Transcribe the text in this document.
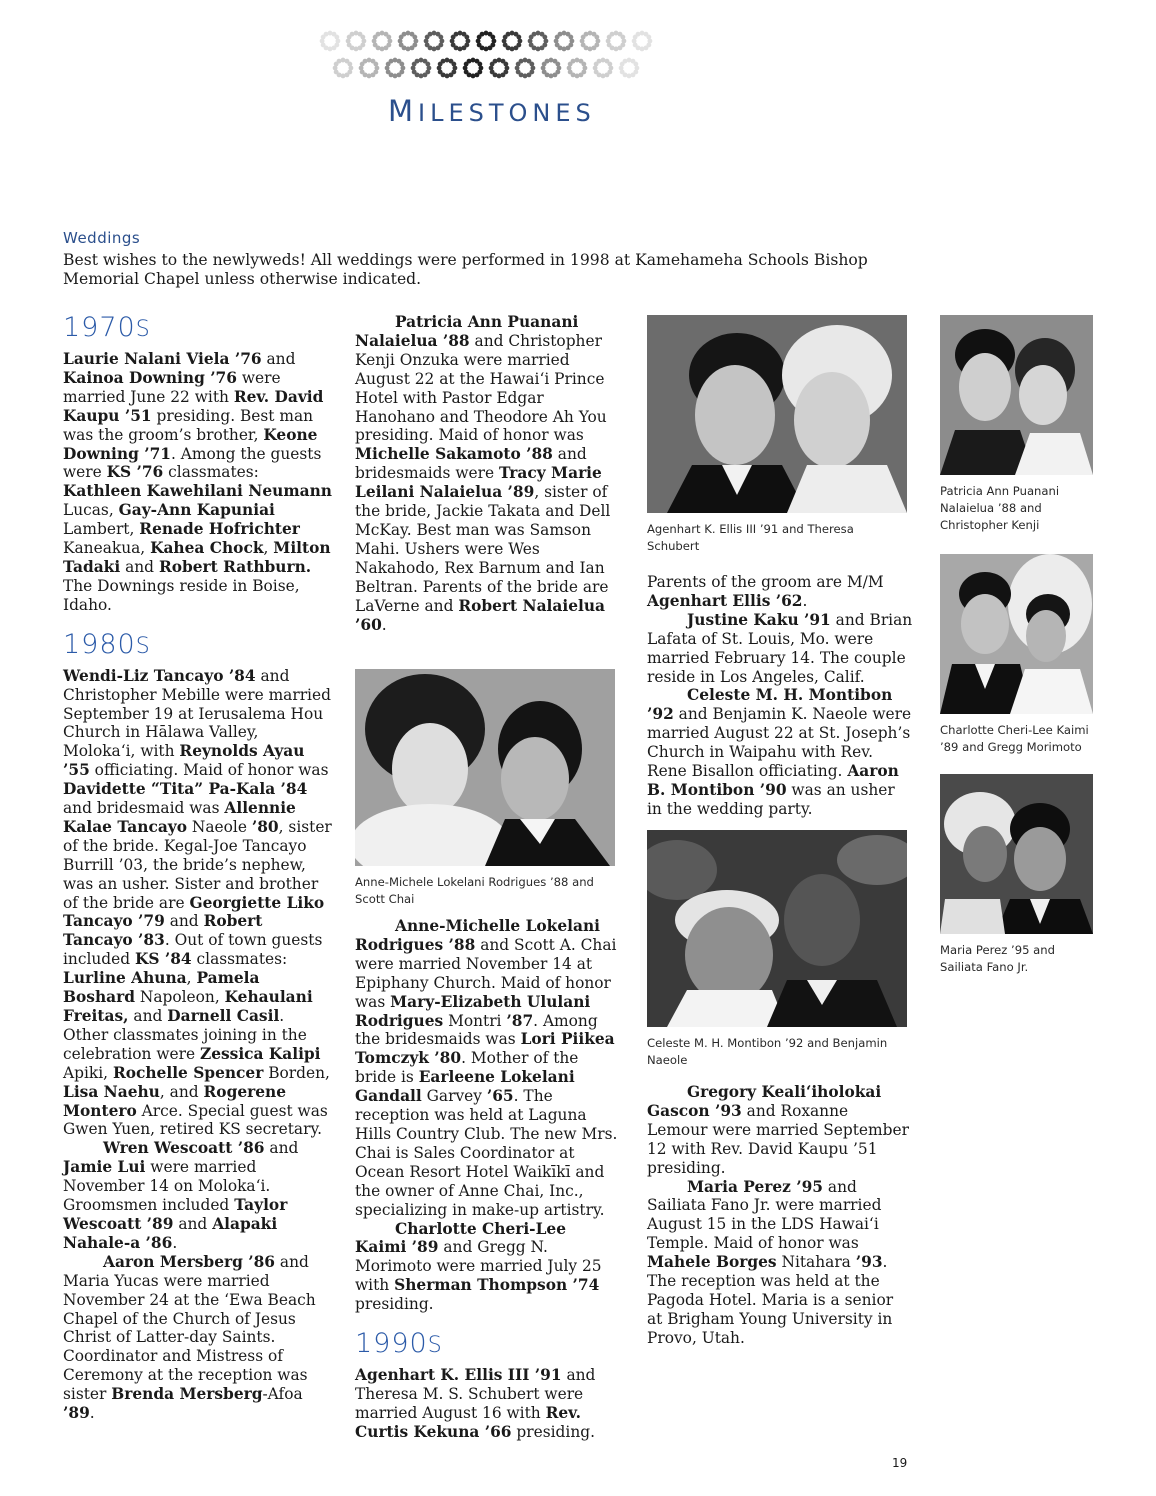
MILESTONES
Weddings
Best wishes to the newlyweds! All weddings were performed in 1998 at Kamehameha Schools Bishop Memorial Chapel unless otherwise indicated.
1970S

Laurie Nalani Viela ’76 and Kainoa Downing ’76 were married June 22 with Rev. David Kaupu ’51 presiding. Best man was the groom’s brother, Keone Downing ’71. Among the guests were KS ’76 classmates: Kathleen Kawehilani Neumann Lucas, Gay-Ann Kapuniai Lambert, Renade Hofrichter Kaneakua, Kahea Chock, Milton Tadaki and Robert Rathburn. The Downings reside in Boise, Idaho.

1980S

Wendi-Liz Tancayo ’84 and Christopher Mebille were married September 19 at Ierusalema Hou Church in Hālawa Valley, Moloka‘i, with Reynolds Ayau ’55 officiating. Maid of honor was Davidette “Tita” Pa-Kala ’84 and bridesmaid was Allennie Kalae Tancayo Naeole ’80, sister of the bride. Kegal-Joe Tancayo Burrill ’03, the bride’s nephew, was an usher. Sister and brother of the bride are Georgiette Liko Tancayo ’79 and Robert Tancayo ’83. Out of town guests included KS ’84 classmates: Lurline Ahuna, Pamela Boshard Napoleon, Kehaulani Freitas, and Darnell Casil. Other classmates joining in the celebration were Zessica Kalipi Apiki, Rochelle Spencer Borden, Lisa Naehu, and Rogerene Montero Arce. Special guest was Gwen Yuen, retired KS secretary.

Wren Wescoatt ’86 and Jamie Lui were married November 14 on Moloka‘i. Groomsmen included Taylor Wescoatt ’89 and Alapaki Nahale-a ’86.

Aaron Mersberg ’86 and Maria Yucas were married November 24 at the ‘Ewa Beach Chapel of the Church of Jesus Christ of Latter-day Saints. Coordinator and Mistress of Ceremony at the reception was sister Brenda Mersberg-Afoa ’89.

Patricia Ann Puanani Nalaielua ’88 and Christopher Kenji Onzuka were married August 22 at the Hawai‘i Prince Hotel with Pastor Edgar Hanohano and Theodore Ah You presiding. Maid of honor was Michelle Sakamoto ’88 and bridesmaids were Tracy Marie Leilani Nalaielua ’89, sister of the bride, Jackie Takata and Dell McKay. Best man was Samson Mahi. Ushers were Wes Nakahodo, Rex Barnum and Ian Beltran. Parents of the bride are LaVerne and Robert Nalaielua ’60.

Anne-Michele Lokelani Rodrigues ’88 and Scott Chai

Anne-Michelle Lokelani Rodrigues ’88 and Scott A. Chai were married November 14 at Epiphany Church. Maid of honor was Mary-Elizabeth Ululani Rodrigues Montri ’87. Among the bridesmaids was Lori Piikea Tomczyk ’80. Mother of the bride is Earleene Lokelani Gandall Garvey ’65. The reception was held at Laguna Hills Country Club. The new Mrs. Chai is Sales Coordinator at Ocean Resort Hotel Waikīkī and the owner of Anne Chai, Inc., specializing in make-up artistry.

Charlotte Cheri-Lee Kaimi ’89 and Gregg N. Morimoto were married July 25 with Sherman Thompson ’74 presiding.

1990S

Agenhart K. Ellis III ’91 and Theresa M. S. Schubert were married August 16 with Rev. Curtis Kekuna ’66 presiding.

Agenhart K. Ellis III ’91 and Theresa Schubert

Parents of the groom are M/M Agenhart Ellis ’62.

Justine Kaku ’91 and Brian Lafata of St. Louis, Mo. were married February 14. The couple reside in Los Angeles, Calif.

Celeste M. H. Montibon ’92 and Benjamin K. Naeole were married August 22 at St. Joseph’s Church in Waipahu with Rev. Rene Bisallon officiating. Aaron B. Montibon ’90 was an usher in the wedding party.

Celeste M. H. Montibon ’92 and Benjamin Naeole

Gregory Keali‘iholokai Gascon ’93 and Roxanne Lemour were married September 12 with Rev. David Kaupu ’51 presiding.

Maria Perez ’95 and Sailiata Fano Jr. were married August 15 in the LDS Hawai‘i Temple. Maid of honor was Mahele Borges Nitahara ’93. The reception was held at the Pagoda Hotel. Maria is a senior at Brigham Young University in Provo, Utah.

Patricia Ann Puanani Nalaielua ’88 and Christopher Kenji
Charlotte Cheri-Lee Kaimi ’89 and Gregg Morimoto
Maria Perez ’95 and Sailiata Fano Jr.
19
